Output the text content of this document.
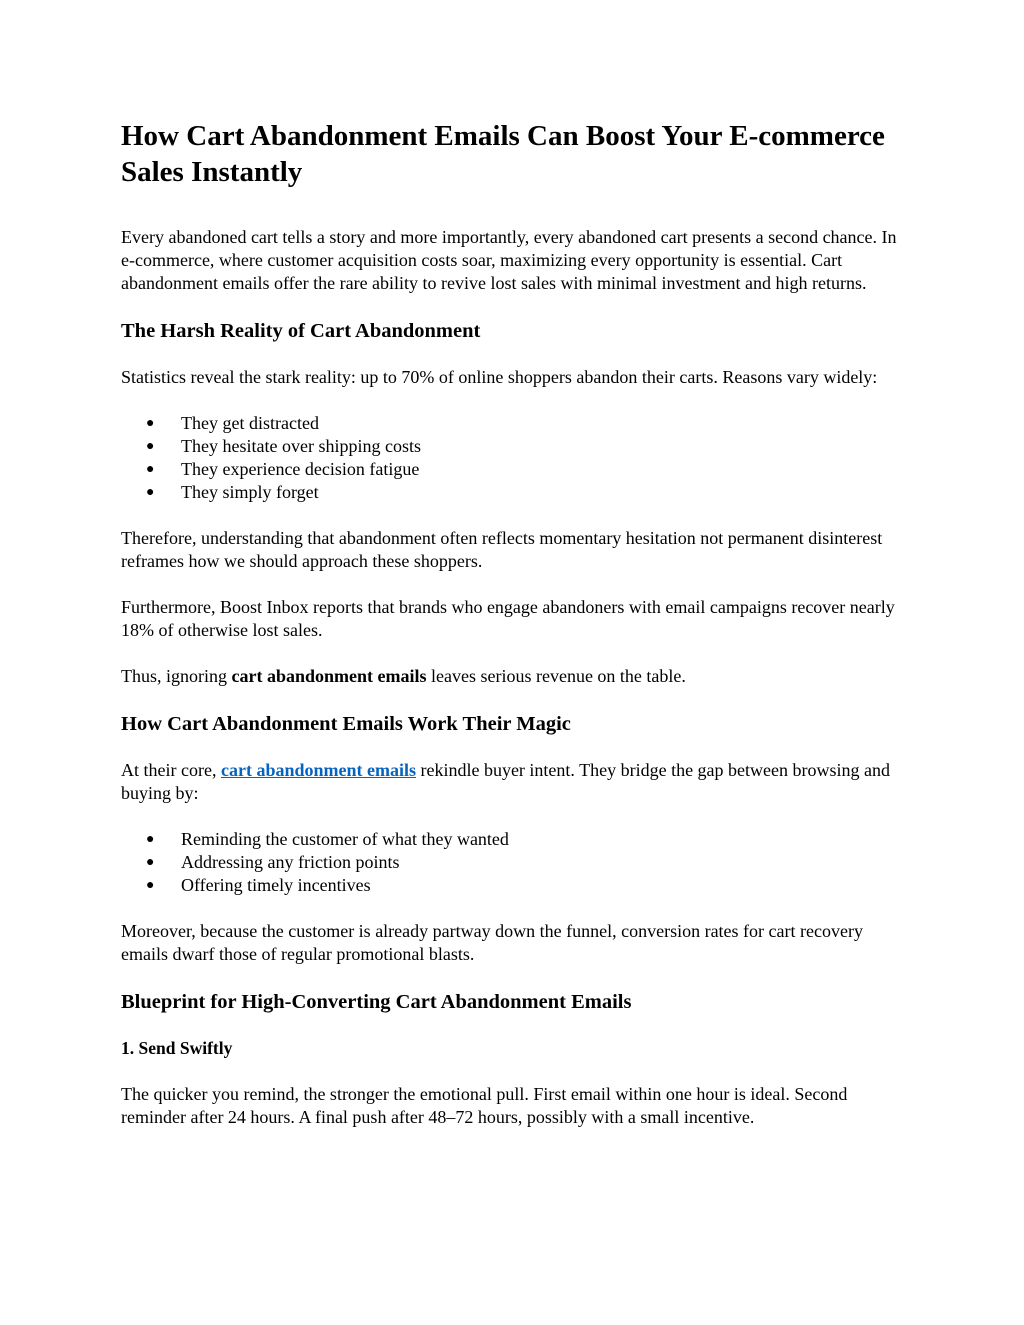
How Cart Abandonment Emails Can Boost Your E-commerce Sales Instantly

Every abandoned cart tells a story and more importantly, every abandoned cart presents a second chance. In e-commerce, where customer acquisition costs soar, maximizing every opportunity is essential. Cart abandonment emails offer the rare ability to revive lost sales with minimal investment and high returns.

The Harsh Reality of Cart Abandonment

Statistics reveal the stark reality: up to 70% of online shoppers abandon their carts. Reasons vary widely:

● They get distracted
● They hesitate over shipping costs
● They experience decision fatigue
● They simply forget

Therefore, understanding that abandonment often reflects momentary hesitation not permanent disinterest reframes how we should approach these shoppers.

Furthermore, Boost Inbox reports that brands who engage abandoners with email campaigns recover nearly 18% of otherwise lost sales.

Thus, ignoring cart abandonment emails leaves serious revenue on the table.

How Cart Abandonment Emails Work Their Magic

At their core, cart abandonment emails rekindle buyer intent. They bridge the gap between browsing and buying by:

● Reminding the customer of what they wanted
● Addressing any friction points
● Offering timely incentives

Moreover, because the customer is already partway down the funnel, conversion rates for cart recovery emails dwarf those of regular promotional blasts.

Blueprint for High-Converting Cart Abandonment Emails
1. Send Swiftly

The quicker you remind, the stronger the emotional pull. First email within one hour is ideal. Second reminder after 24 hours. A final push after 48–72 hours, possibly with a small incentive.
